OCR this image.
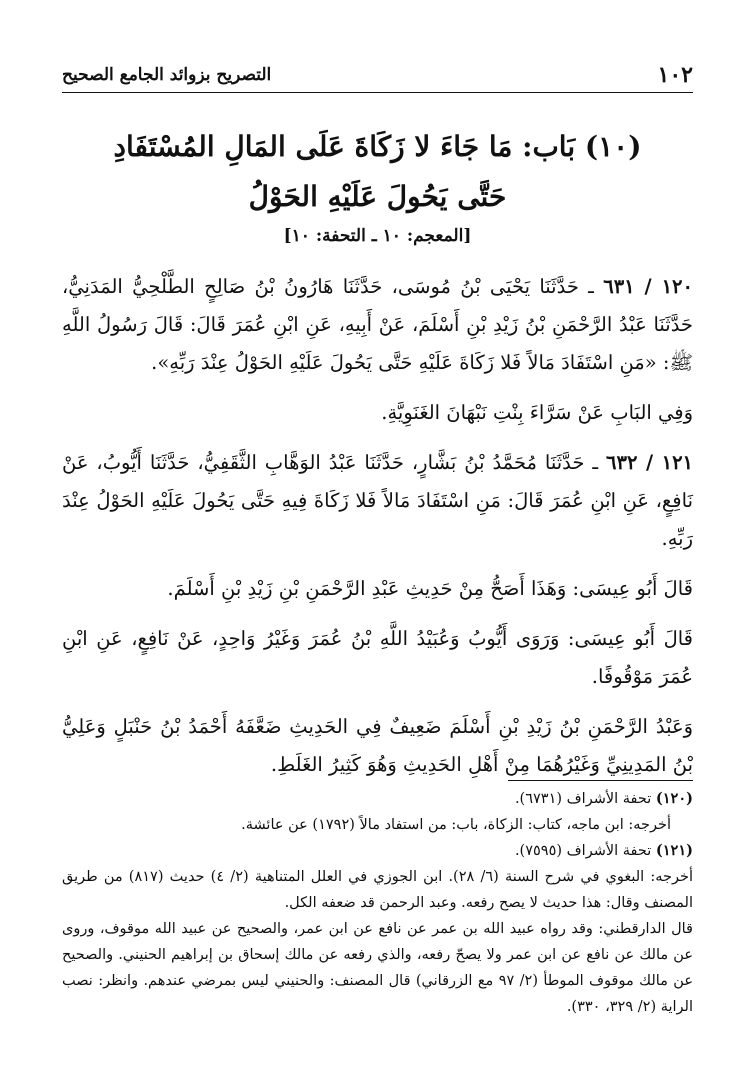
١٠٢
التصريح بزوائد الجامع الصحيح
(١٠) بَاب: مَا جَاءَ لا زَكَاةَ عَلَى المَالِ المُسْتَفَادِ
حَتَّى يَحُولَ عَلَيْهِ الحَوْلُ
[المعجم: ١٠ ـ التحفة: ١٠]

١٢٠ / ٦٣١ ـ حَدَّثَنَا يَحْيَى بْنُ مُوسَى، حَدَّثَنَا هَارُونُ بْنُ صَالِحٍ الطَّلْحِيُّ المَدَنِيُّ، حَدَّثَنَا عَبْدُ الرَّحْمَنِ بْنُ زَيْدِ بْنِ أَسْلَمَ، عَنْ أَبِيهِ، عَنِ ابْنِ عُمَرَ قَالَ: قَالَ رَسُولُ اللَّهِ ﷺ: «مَنِ اسْتَفَادَ مَالاً فَلا زَكَاةَ عَلَيْهِ حَتَّى يَحُولَ عَلَيْهِ الحَوْلُ عِنْدَ رَبِّهِ».

وَفِي البَابِ عَنْ سَرَّاءَ بِنْتِ نَبْهَانَ الغَنَوِيَّةِ.

١٢١ / ٦٣٢ ـ حَدَّثَنَا مُحَمَّدُ بْنُ بَشَّارٍ، حَدَّثَنَا عَبْدُ الوَهَّابِ الثَّقَفِيُّ، حَدَّثَنَا أَيُّوبُ، عَنْ نَافِعٍ، عَنِ ابْنِ عُمَرَ قَالَ: مَنِ اسْتَفَادَ مَالاً فَلا زَكَاةَ فِيهِ حَتَّى يَحُولَ عَلَيْهِ الحَوْلُ عِنْدَ رَبِّهِ.

قَالَ أَبُو عِيسَى: وَهَذَا أَصَحُّ مِنْ حَدِيثِ عَبْدِ الرَّحْمَنِ بْنِ زَيْدِ بْنِ أَسْلَمَ.

قَالَ أَبُو عِيسَى: وَرَوَى أَيُّوبُ وَعُبَيْدُ اللَّهِ بْنُ عُمَرَ وَغَيْرُ وَاحِدٍ، عَنْ نَافِعٍ، عَنِ ابْنِ عُمَرَ مَوْقُوفًا.

وَعَبْدُ الرَّحْمَنِ بْنُ زَيْدِ بْنِ أَسْلَمَ ضَعِيفٌ فِي الحَدِيثِ ضَعَّفَهُ أَحْمَدُ بْنُ حَنْبَلٍ وَعَلِيُّ بْنُ المَدِينِيِّ وَغَيْرُهُمَا مِنْ أَهْلِ الحَدِيثِ وَهُوَ كَثِيرُ الغَلَطِ.

(١٢٠) تحفة الأشراف (٦٧٣١).

أخرجه: ابن ماجه، كتاب: الزكاة، باب: من استفاد مالاً (١٧٩٢) عن عائشة.

(١٢١) تحفة الأشراف (٧٥٩٥).

أخرجه: البغوي في شرح السنة (٦/ ٢٨). ابن الجوزي في العلل المتناهية (٢/ ٤) حديث (٨١٧) من طريق المصنف وقال: هذا حديث لا يصح رفعه. وعبد الرحمن قد ضعفه الكل.

قال الدارقطني: وقد رواه عبيد الله بن عمر عن نافع عن ابن عمر، والصحيح عن عبيد الله موقوف، وروى عن مالك عن نافع عن ابن عمر ولا يصحّ رفعه، والذي رفعه عن مالك إسحاق بن إبراهيم الحنيني. والصحيح عن مالك موقوف الموطأ (٢/ ٩٧ مع الزرقاني) قال المصنف: والحنيني ليس بمرضي عندهم. وانظر: نصب الراية (٢/ ٣٢٩، ٣٣٠).
